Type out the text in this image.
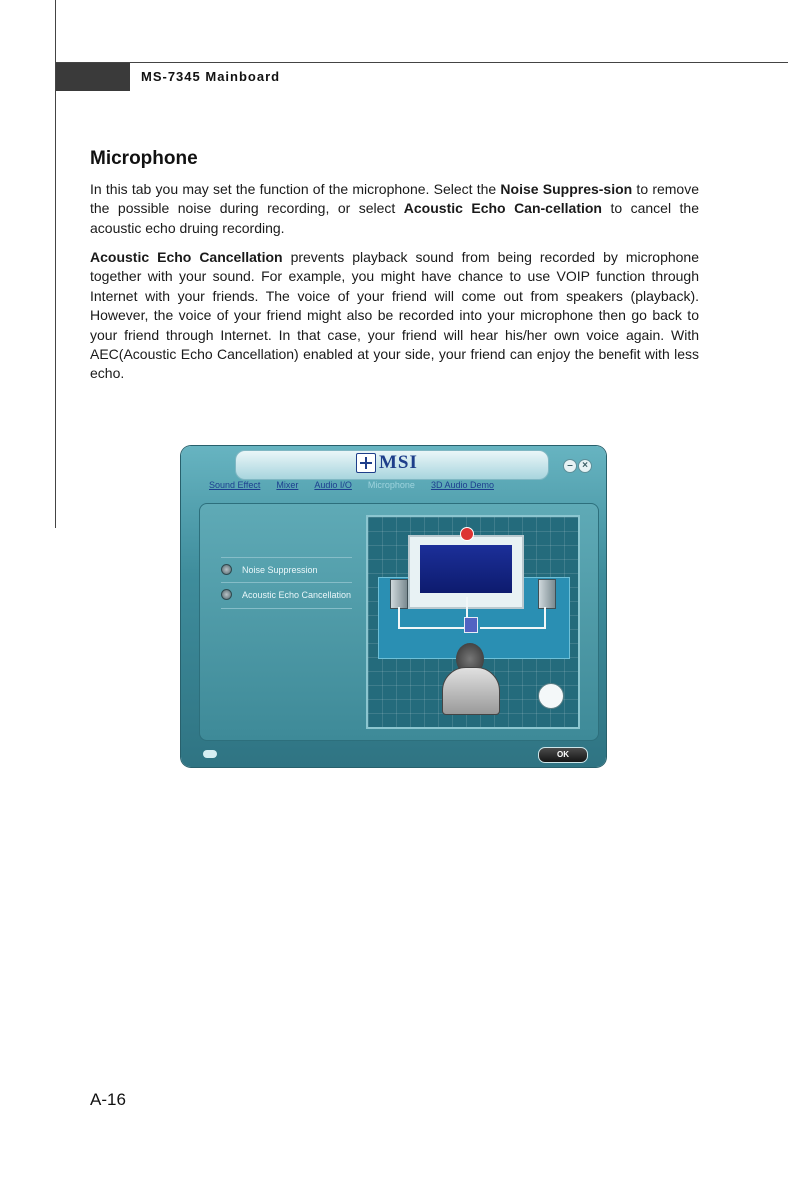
MS-7345 Mainboard
Microphone

In this tab you may set the function of the microphone. Select the Noise Suppres-sion to remove the possible noise during recording, or select Acoustic Echo Can-cellation to cancel the acoustic echo druing recording.

Acoustic Echo Cancellation prevents playback sound from being recorded by microphone together with your sound. For example, you might have chance to use VOIP function through Internet with your friends. The voice of your friend will come out from speakers (playback). However, the voice of your friend might also be recorded into your microphone then go back to your friend through Internet. In that case, your friend will hear his/her own voice again. With AEC(Acoustic Echo Cancellation) enabled at your side, your friend can enjoy the benefit with less echo.

MSI	– ×
Sound Effect Mixer Audio I/O Microphone 3D Audio Demo
Noise Suppression
Acoustic Echo Cancellation
OK
A-16
